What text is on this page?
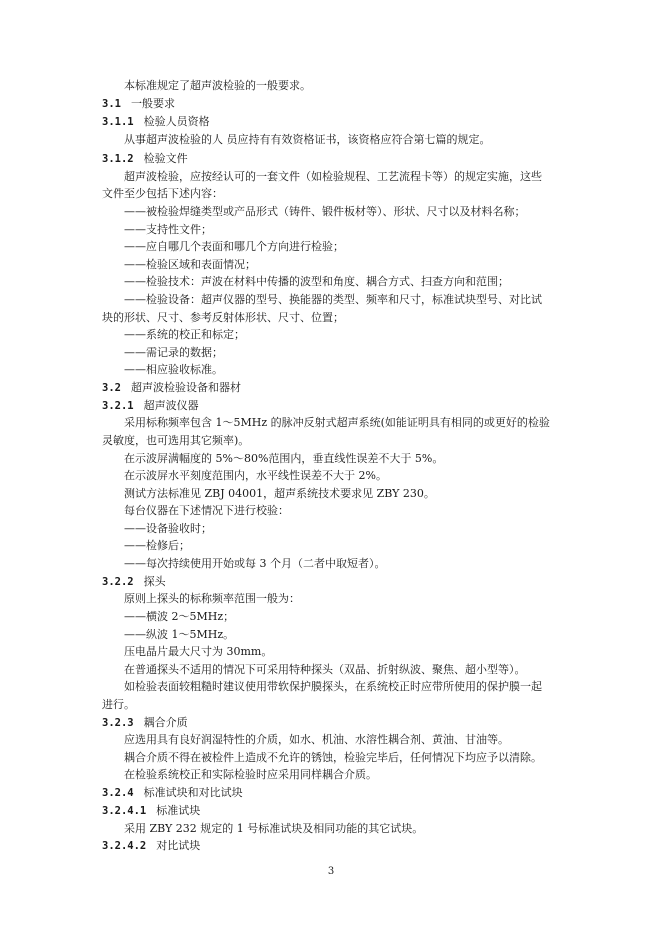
本标准规定了超声波检验的一般要求。
3.1 一般要求
3.1.1 检验人员资格
从事超声波检验的人 员应持有有效资格证书，该资格应符合第七篇的规定。
3.1.2 检验文件
超声波检验，应按经认可的一套文件（如检验规程、工艺流程卡等）的规定实施，这些
文件至少包括下述内容：
——被检验焊缝类型或产品形式（铸件、锻件板材等）、形状、尺寸以及材料名称；
——支持性文件；
——应自哪几个表面和哪几个方向进行检验；
——检验区域和表面情况；
——检验技术：声波在材料中传播的波型和角度、耦合方式、扫查方向和范围；
——检验设备：超声仪器的型号、换能器的类型、频率和尺寸，标准试块型号、对比试
块的形状、尺寸、参考反射体形状、尺寸、位置；
——系统的校正和标定；
——需记录的数据；
——相应验收标准。
3.2 超声波检验设备和器材
3.2.1 超声波仪器
采用标称频率包含 1～5MHz 的脉冲反射式超声系统(如能证明具有相同的或更好的检验
灵敏度，也可选用其它频率)。
在示波屏满幅度的 5%～80%范围内，垂直线性误差不大于 5%。
在示波屏水平刻度范围内，水平线性误差不大于 2%。
测试方法标准见 ZBJ 04001，超声系统技术要求见 ZBY 230。
每台仪器在下述情况下进行校验：
——设备验收时；
——检修后；
——每次持续使用开始或每 3 个月（二者中取短者）。
3.2.2 探头
原则上探头的标称频率范围一般为：
——横波 2～5MHz；
——纵波 1～5MHz。
压电晶片最大尺寸为 30mm。
在普通探头不适用的情况下可采用特种探头（双晶、折射纵波、聚焦、超小型等）。
如检验表面较粗糙时建议使用带软保护膜探头，在系统校正时应带所使用的保护膜一起
进行。
3.2.3 耦合介质
应选用具有良好润湿特性的介质，如水、机油、水溶性耦合剂、黄油、甘油等。
耦合介质不得在被检件上造成不允许的锈蚀，检验完毕后，任何情况下均应予以清除。
在检验系统校正和实际检验时应采用同样耦合介质。
3.2.4 标准试块和对比试块
3.2.4.1 标准试块
采用 ZBY 232 规定的 1 号标准试块及相同功能的其它试块。
3.2.4.2 对比试块
3
